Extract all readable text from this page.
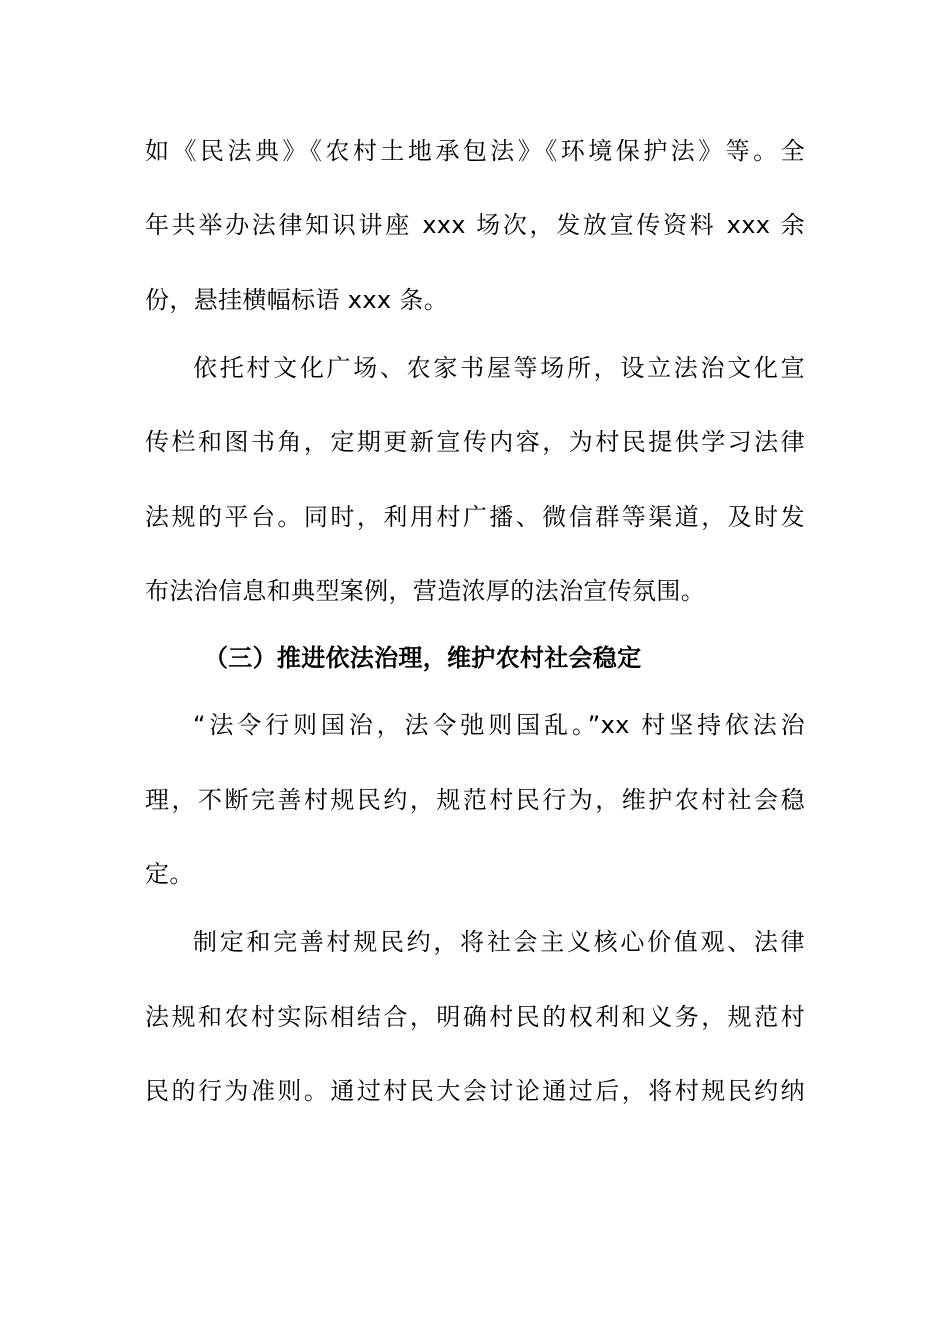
如《民法典》《农村土地承包法》《环境保护法》等。全
年共举办法律知识讲座 xxx 场次，发放宣传资料 xxx 余
份，悬挂横幅标语 xxx 条。
依托村文化广场、农家书屋等场所，设立法治文化宣
传栏和图书角，定期更新宣传内容，为村民提供学习法律
法规的平台。同时，利用村广播、微信群等渠道，及时发
布法治信息和典型案例，营造浓厚的法治宣传氛围。
（三）推进依法治理，维护农村社会稳定
“法令行则国治，法令弛则国乱。”xx 村坚持依法治
理，不断完善村规民约，规范村民行为，维护农村社会稳
定。
制定和完善村规民约，将社会主义核心价值观、法律
法规和农村实际相结合，明确村民的权利和义务，规范村
民的行为准则。通过村民大会讨论通过后，将村规民约纳
